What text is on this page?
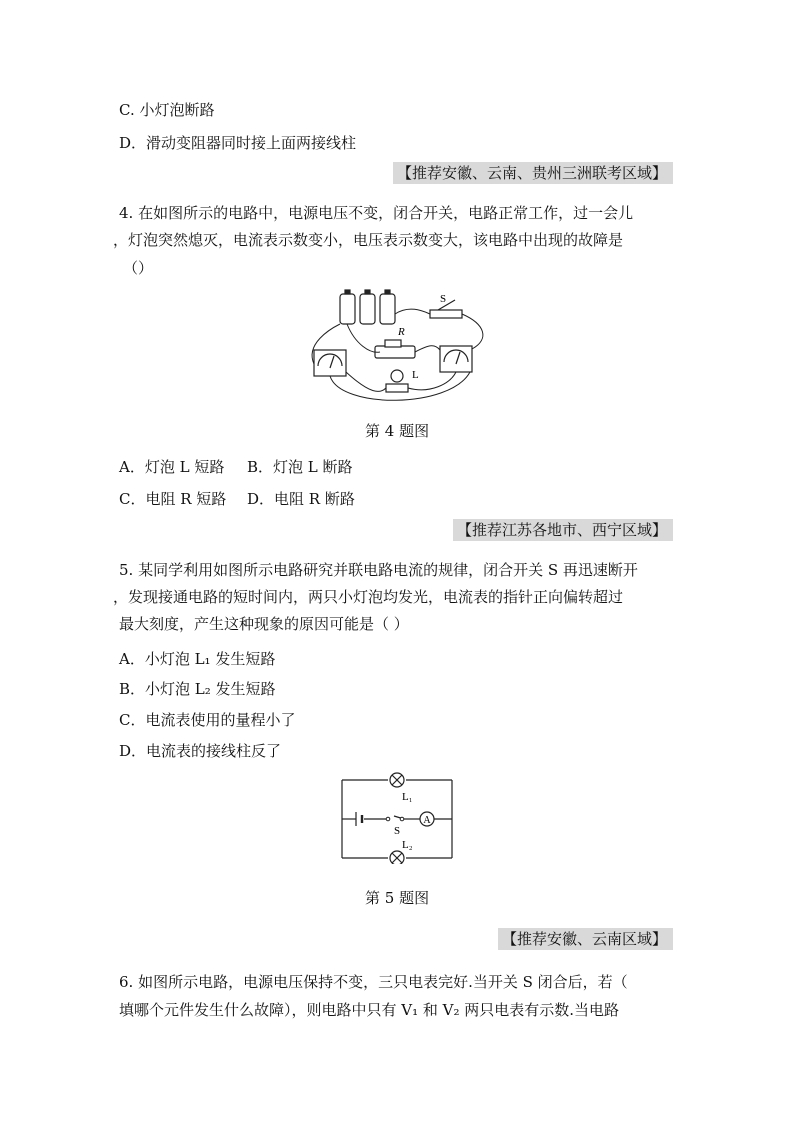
C. 小灯泡断路
D．滑动变阻器同时接上面两接线柱
【推荐安徽、云南、贵州三洲联考区域】
4. 在如图所示的电路中，电源电压不变，闭合开关，电路正常工作，过一会儿
，灯泡突然熄灭，电流表示数变小，电压表示数变大，该电路中出现的故障是
（）
S
R
L
第 4 题图
A．灯泡 L 短路 B．灯泡 L 断路
C．电阻 R 短路 D．电阻 R 断路
【推荐江苏各地市、西宁区域】
5. 某同学利用如图所示电路研究并联电路电流的规律，闭合开关 S 再迅速断开
，发现接通电路的短时间内，两只小灯泡均发光，电流表的指针正向偏转超过
最大刻度，产生这种现象的原因可能是（ ）
A．小灯泡 L₁ 发生短路
B．小灯泡 L₂ 发生短路
C．电流表使用的量程小了
D．电流表的接线柱反了
A
L₁
S
L₂
第 5 题图
【推荐安徽、云南区域】
6. 如图所示电路，电源电压保持不变，三只电表完好.当开关 S 闭合后，若（
填哪个元件发生什么故障），则电路中只有 V₁ 和 V₂ 两只电表有示数.当电路
